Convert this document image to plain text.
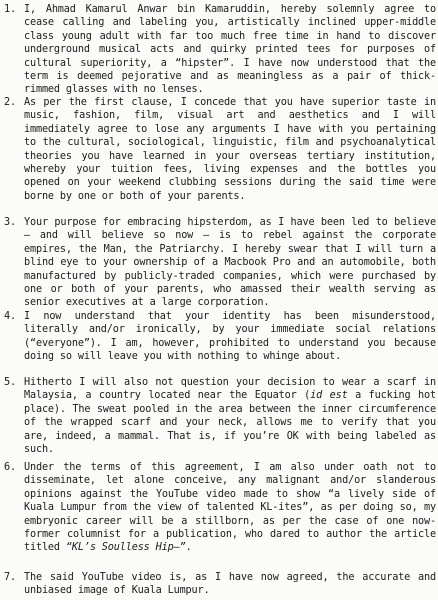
1. I, Ahmad Kamarul Anwar bin Kamaruddin, hereby solemnly agree to cease calling and labeling you, artistically inclined upper-middle class young adult with far too much free time in hand to discover underground musical acts and quirky printed tees for purposes of cultural superiority, a “hipster”. I have now understood that the term is deemed pejorative and as meaningless as a pair of thick-rimmed glasses with no lenses.
2. As per the first clause, I concede that you have superior taste in music, fashion, film, visual art and aesthetics and I will immediately agree to lose any arguments I have with you pertaining to the cultural, sociological, linguistic, film and psychoanalytical theories you have learned in your overseas tertiary institution, whereby your tuition fees, living expenses and the bottles you opened on your weekend clubbing sessions during the said time were borne by one or both of your parents.
3. Your purpose for embracing hipsterdom, as I have been led to believe – and will believe so now – is to rebel against the corporate empires, the Man, the Patriarchy. I hereby swear that I will turn a blind eye to your ownership of a Macbook Pro and an automobile, both manufactured by publicly-traded companies, which were purchased by one or both of your parents, who amassed their wealth serving as senior executives at a large corporation.
4. I now understand that your identity has been misunderstood, literally and/or ironically, by your immediate social relations (“everyone”). I am, however, prohibited to understand you because doing so will leave you with nothing to whinge about.
5. Hitherto I will also not question your decision to wear a scarf in Malaysia, a country located near the Equator (id est a fucking hot place). The sweat pooled in the area between the inner circumference of the wrapped scarf and your neck, allows me to verify that you are, indeed, a mammal. That is, if you’re OK with being labeled as such.
6. Under the terms of this agreement, I am also under oath not to disseminate, let alone conceive, any malignant and/or slanderous opinions against the YouTube video made to show “a lively side of Kuala Lumpur from the view of talented KL-ites”, as per doing so, my embryonic career will be a stillborn, as per the case of one now-former columnist for a publication, who dared to author the article titled “KL’s Soulless Hip–”.
7. The said YouTube video is, as I have now agreed, the accurate and unbiased image of Kuala Lumpur.
